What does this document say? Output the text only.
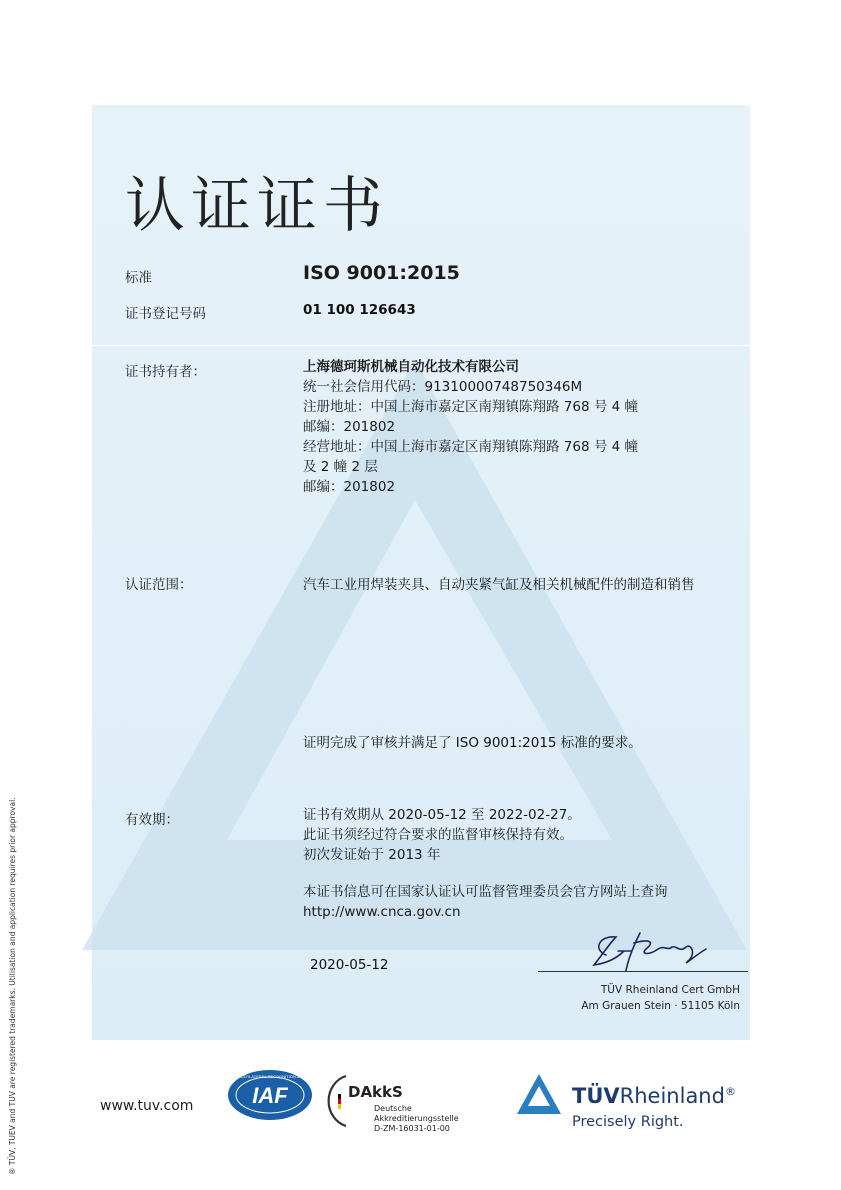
认证证书
标准	ISO 9001:2015
证书登记号码	01 100 126643
证书持有者：	上海德珂斯机械自动化技术有限公司
统一社会信用代码：91310000748750346M
注册地址：中国上海市嘉定区南翔镇陈翔路 768 号 4 幢
邮编：201802
经营地址：中国上海市嘉定区南翔镇陈翔路 768 号 4 幢
及 2 幢 2 层
邮编：201802
认证范围：	汽车工业用焊装夹具、自动夹紧气缸及相关机械配件的制造和销售
证明完成了审核并满足了 ISO 9001:2015 标准的要求。
有效期：	证书有效期从 2020-05-12 至 2022-02-27。
此证书须经过符合要求的监督审核保持有效。
初次发证始于 2013 年
本证书信息可在国家认证认可监督管理委员会官方网站上查询
http://www.cnca.gov.cn
2020-05-12
TÜV Rheinland Cert GmbH
Am Grauen Stein · 51105 Köln
® TÜV, TUEV and TUV are registered trademarks. Utilisation and application requires prior approval.	www.tuv.com	IAF
MEMBER OF MULTILATERAL RECOGNITION ARRANGEMENT
DAkkS
Deutsche
Akkreditierungsstelle
D-ZM-16031-01-00
TÜVRheinland®
Precisely Right.
